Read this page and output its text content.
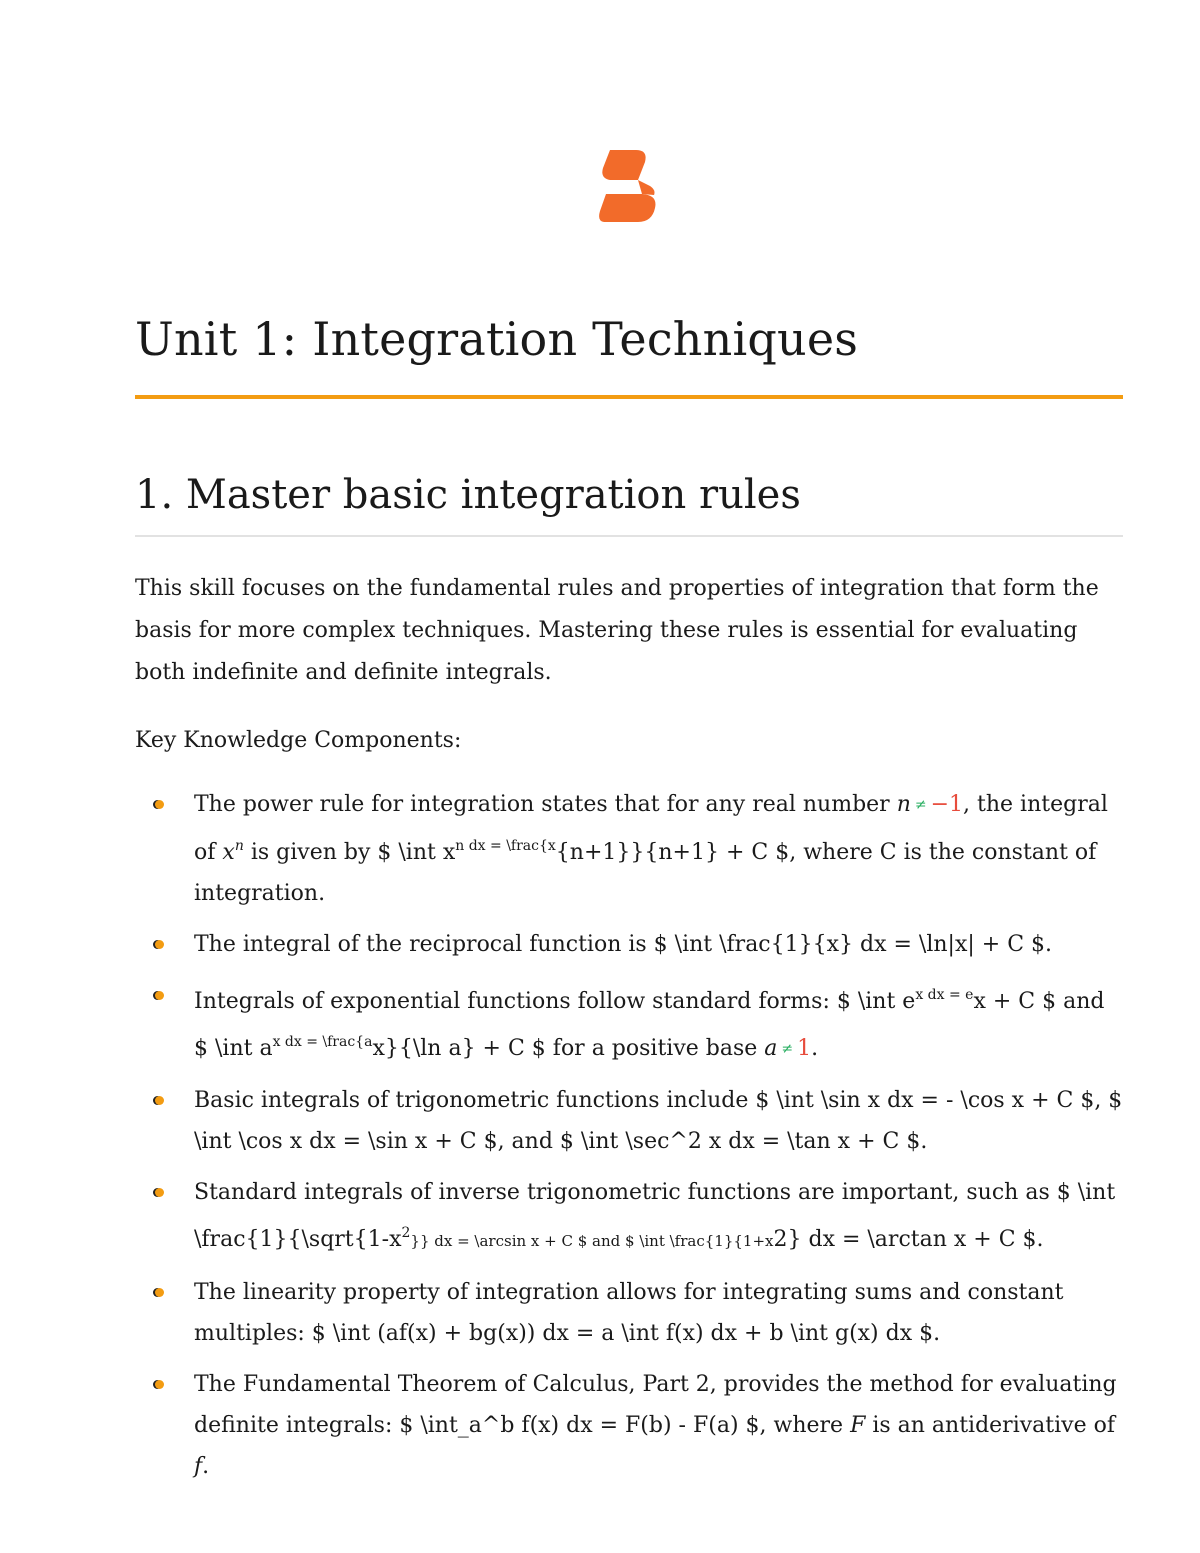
Unit 1: Integration Techniques
1. Master basic integration rules

This skill focuses on the fundamental rules and properties of integration that form the basis for more complex techniques. Mastering these rules is essential for evaluating both indefinite and definite integrals.

Key Knowledge Components:

The power rule for integration states that for any real number n ≠ −1, the integral of $x^n$ is given by $ \int $x^{n dx = \backslash frac\{x}\{n+1\}\}\{n+1\} + C$ $, where C is the constant of integration.
The integral of the reciprocal function is $ \int \frac{1}{x} dx = \ln|x| + C $.
Integrals of exponential functions follow standard forms: $ \int $e^{x dx = e}x + C$ $ and $ \int $a^{x dx = \backslash frac\{a}x\}\{\backslash\ln$ a} + C $ for a positive base a ≠ 1.
Basic integrals of trigonometric functions include $ \int \sin x dx = - \cos x + C $, $ \int \cos x dx = \sin x + C $, and $ \int \sec^2 x dx = \tan x + C $.
Standard integrals of inverse trigonometric functions are important, such as $ \int $\backslash frac\{1\}\{\backslash sqrt\{1-x^2\}\}$ dx = \arcsin x + C $ and $ \int \frac{1}{1+x2} dx = \arctan x + C $.
The linearity property of integration allows for integrating sums and constant multiples: $ \int (af(x) + bg(x)) dx = a \int f(x) dx + b \int g(x) dx $.
The Fundamental Theorem of Calculus, Part 2, provides the method for evaluating definite integrals: $ \int_a^b f(x) dx = F(b) - F(a) $, where F is an antiderivative of f.
